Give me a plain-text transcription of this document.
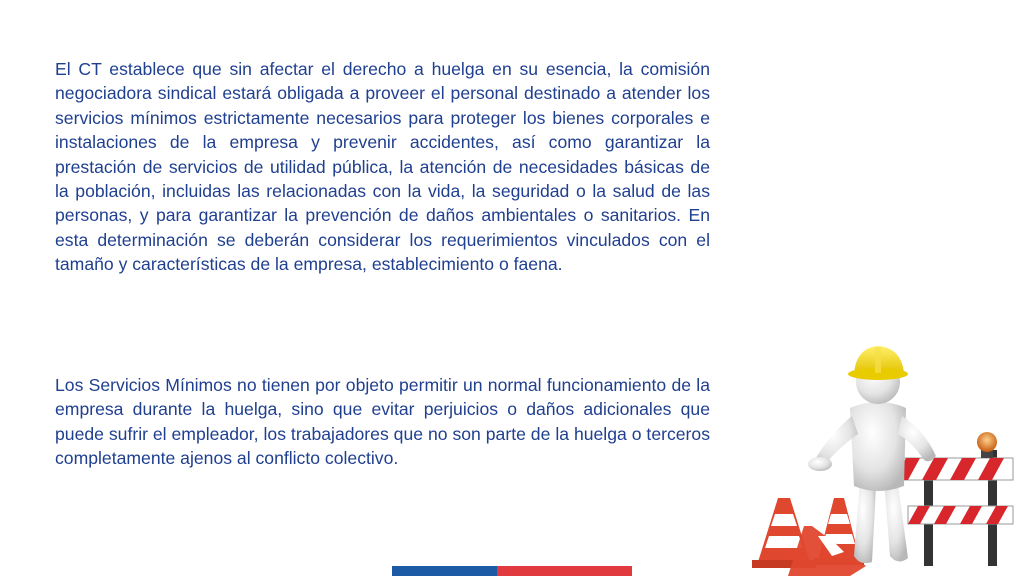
El CT establece que sin afectar el derecho a huelga en su esencia, la comisión negociadora sindical estará obligada a proveer el personal destinado a atender los servicios mínimos estrictamente necesarios para proteger los bienes corporales e instalaciones de la empresa y prevenir accidentes, así como garantizar la prestación de servicios de utilidad pública, la atención de necesidades básicas de la población, incluidas las relacionadas con la vida, la seguridad o la salud de las personas, y para garantizar la prevención de daños ambientales o sanitarios. En esta determinación se deberán considerar los requerimientos vinculados con el tamaño y características de la empresa, establecimiento o faena.

Los Servicios Mínimos no tienen por objeto permitir un normal funcionamiento de la empresa durante la huelga, sino que evitar perjuicios o daños adicionales que puede sufrir el empleador, los trabajadores que no son parte de la huelga o terceros completamente ajenos al conflicto colectivo.
